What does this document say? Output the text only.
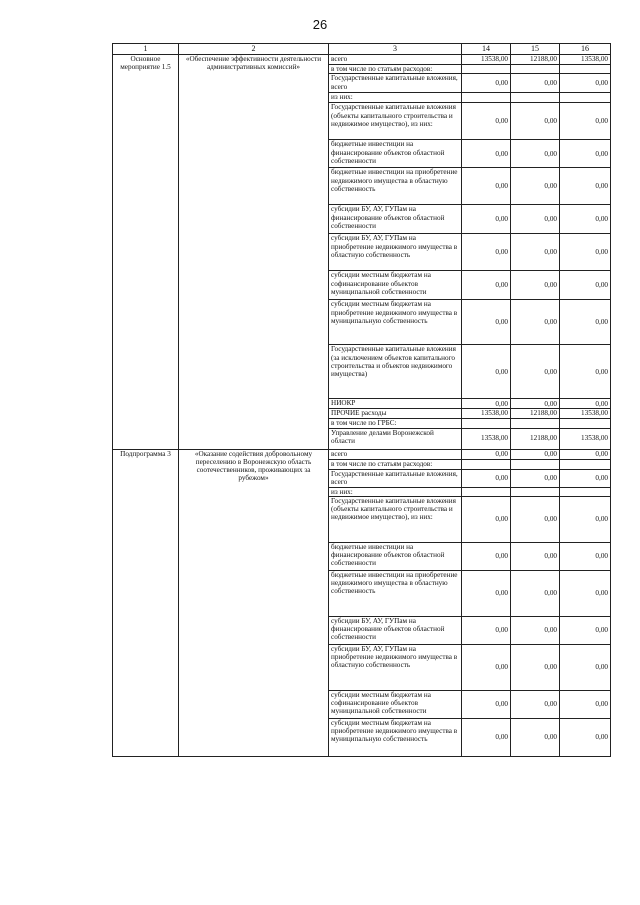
26
1	2	3	14	15	16
Основное мероприятие 1.5	«Обеспечение эффективности деятельности административных комиссий»	всего	13538,00	12188,00	13538,00
		в том числе по статьям расходов:			
		Государственные капитальные вложения, всего	0,00	0,00	0,00
		из них:			
		Государственные капитальные вложения (объекты капитального строительства и недвижимое имущество), из них:	0,00	0,00	0,00
		бюджетные инвестиции на финансирование объектов областной собственности	0,00	0,00	0,00
		бюджетные инвестиции на приобретение недвижимого имущества в областную собственность	0,00	0,00	0,00
		субсидии БУ, АУ, ГУПам на финансирование объектов областной собственности	0,00	0,00	0,00
		субсидии БУ, АУ, ГУПам на приобретение недвижимого имущества в областную собственность	0,00	0,00	0,00
		субсидии местным бюджетам на софинансирование объектов муниципальной собственности	0,00	0,00	0,00
		субсидии местным бюджетам на приобретение недвижимого имущества в муниципальную собственность	0,00	0,00	0,00
		Государственные капитальные вложения (за исключением объектов капитального строительства и объектов недвижимого имущества)	0,00	0,00	0,00
		НИОКР	0,00	0,00	0,00
		ПРОЧИЕ расходы	13538,00	12188,00	13538,00
		в том числе по ГРБС:			
		Управление делами Воронежской области	13538,00	12188,00	13538,00
Подпрограмма 3	«Оказание содействия добровольному переселению в Воронежскую область соотечественников, проживающих за рубежом»	всего	0,00	0,00	0,00
		в том числе по статьям расходов:			
		Государственные капитальные вложения, всего	0,00	0,00	0,00
		из них:			
		Государственные капитальные вложения (объекты капитального строительства и недвижимое имущество), из них:	0,00	0,00	0,00
		бюджетные инвестиции на финансирование объектов областной собственности	0,00	0,00	0,00
		бюджетные инвестиции на приобретение недвижимого имущества в областную собственность	0,00	0,00	0,00
		субсидии БУ, АУ, ГУПам на финансирование объектов областной собственности	0,00	0,00	0,00
		субсидии БУ, АУ, ГУПам на приобретение недвижимого имущества в областную собственность	0,00	0,00	0,00
		субсидии местным бюджетам на софинансирование объектов муниципальной собственности	0,00	0,00	0,00
		субсидии местным бюджетам на приобретение недвижимого имущества в муниципальную собственность	0,00	0,00	0,00
